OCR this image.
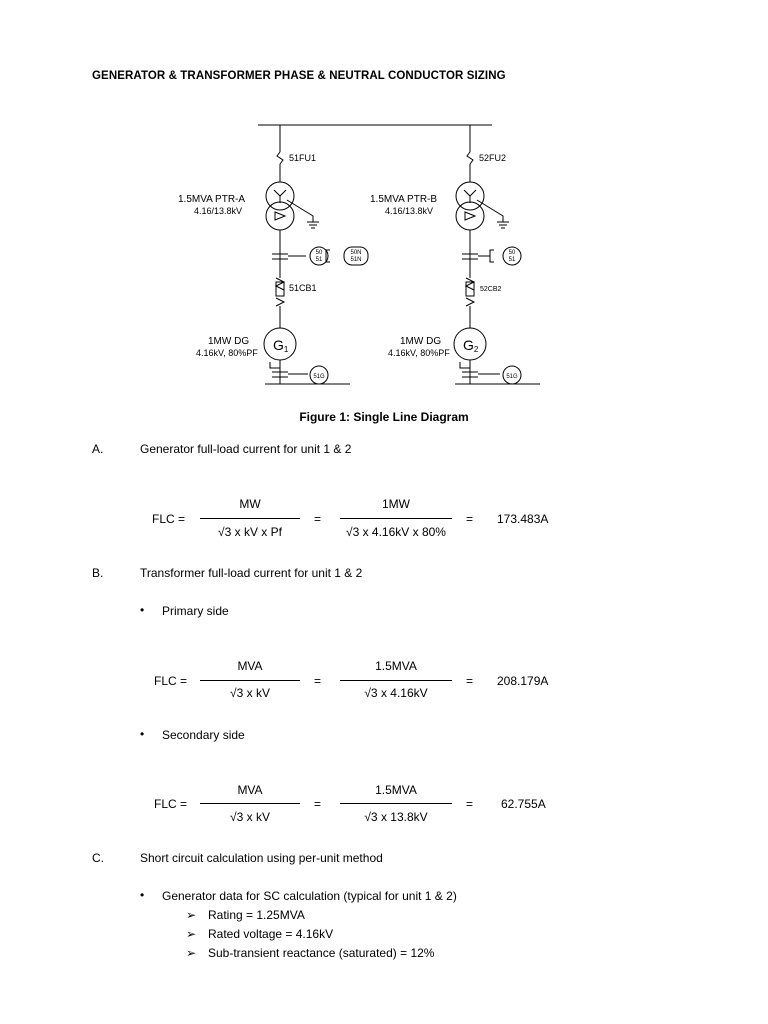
GENERATOR & TRANSFORMER PHASE & NEUTRAL CONDUCTOR SIZING
51FU1
1.5MVA PTR-A
4.16/13.8kV
50
51
50N
51N
51CB1
1MW DG
4.16kV, 80%PF G1
51G
52FU2
1.5MVA PTR-B
4.16/13.8kV
50
51
52CB2
1MW DG
4.16kV, 80%PF G2
51G
Figure 1: Single Line Diagram
A.	Generator full-load current for unit 1 & 2
FLC =
MW
√3 x kV x Pf
=
1MW
√3 x 4.16kV x 80%
= 173.483A
B.	Transformer full-load current for unit 1 & 2
• Primary side
FLC =
MVA
√3 x kV
=
1.5MVA
√3 x 4.16kV
= 208.179A
• Secondary side
FLC =
MVA
√3 x kV
=
1.5MVA
√3 x 13.8kV
= 62.755A
C.	Short circuit calculation using per-unit method
• Generator data for SC calculation (typical for unit 1 & 2)
➢ Rating = 1.25MVA
➢ Rated voltage = 4.16kV
➢ Sub-transient reactance (saturated) = 12%
